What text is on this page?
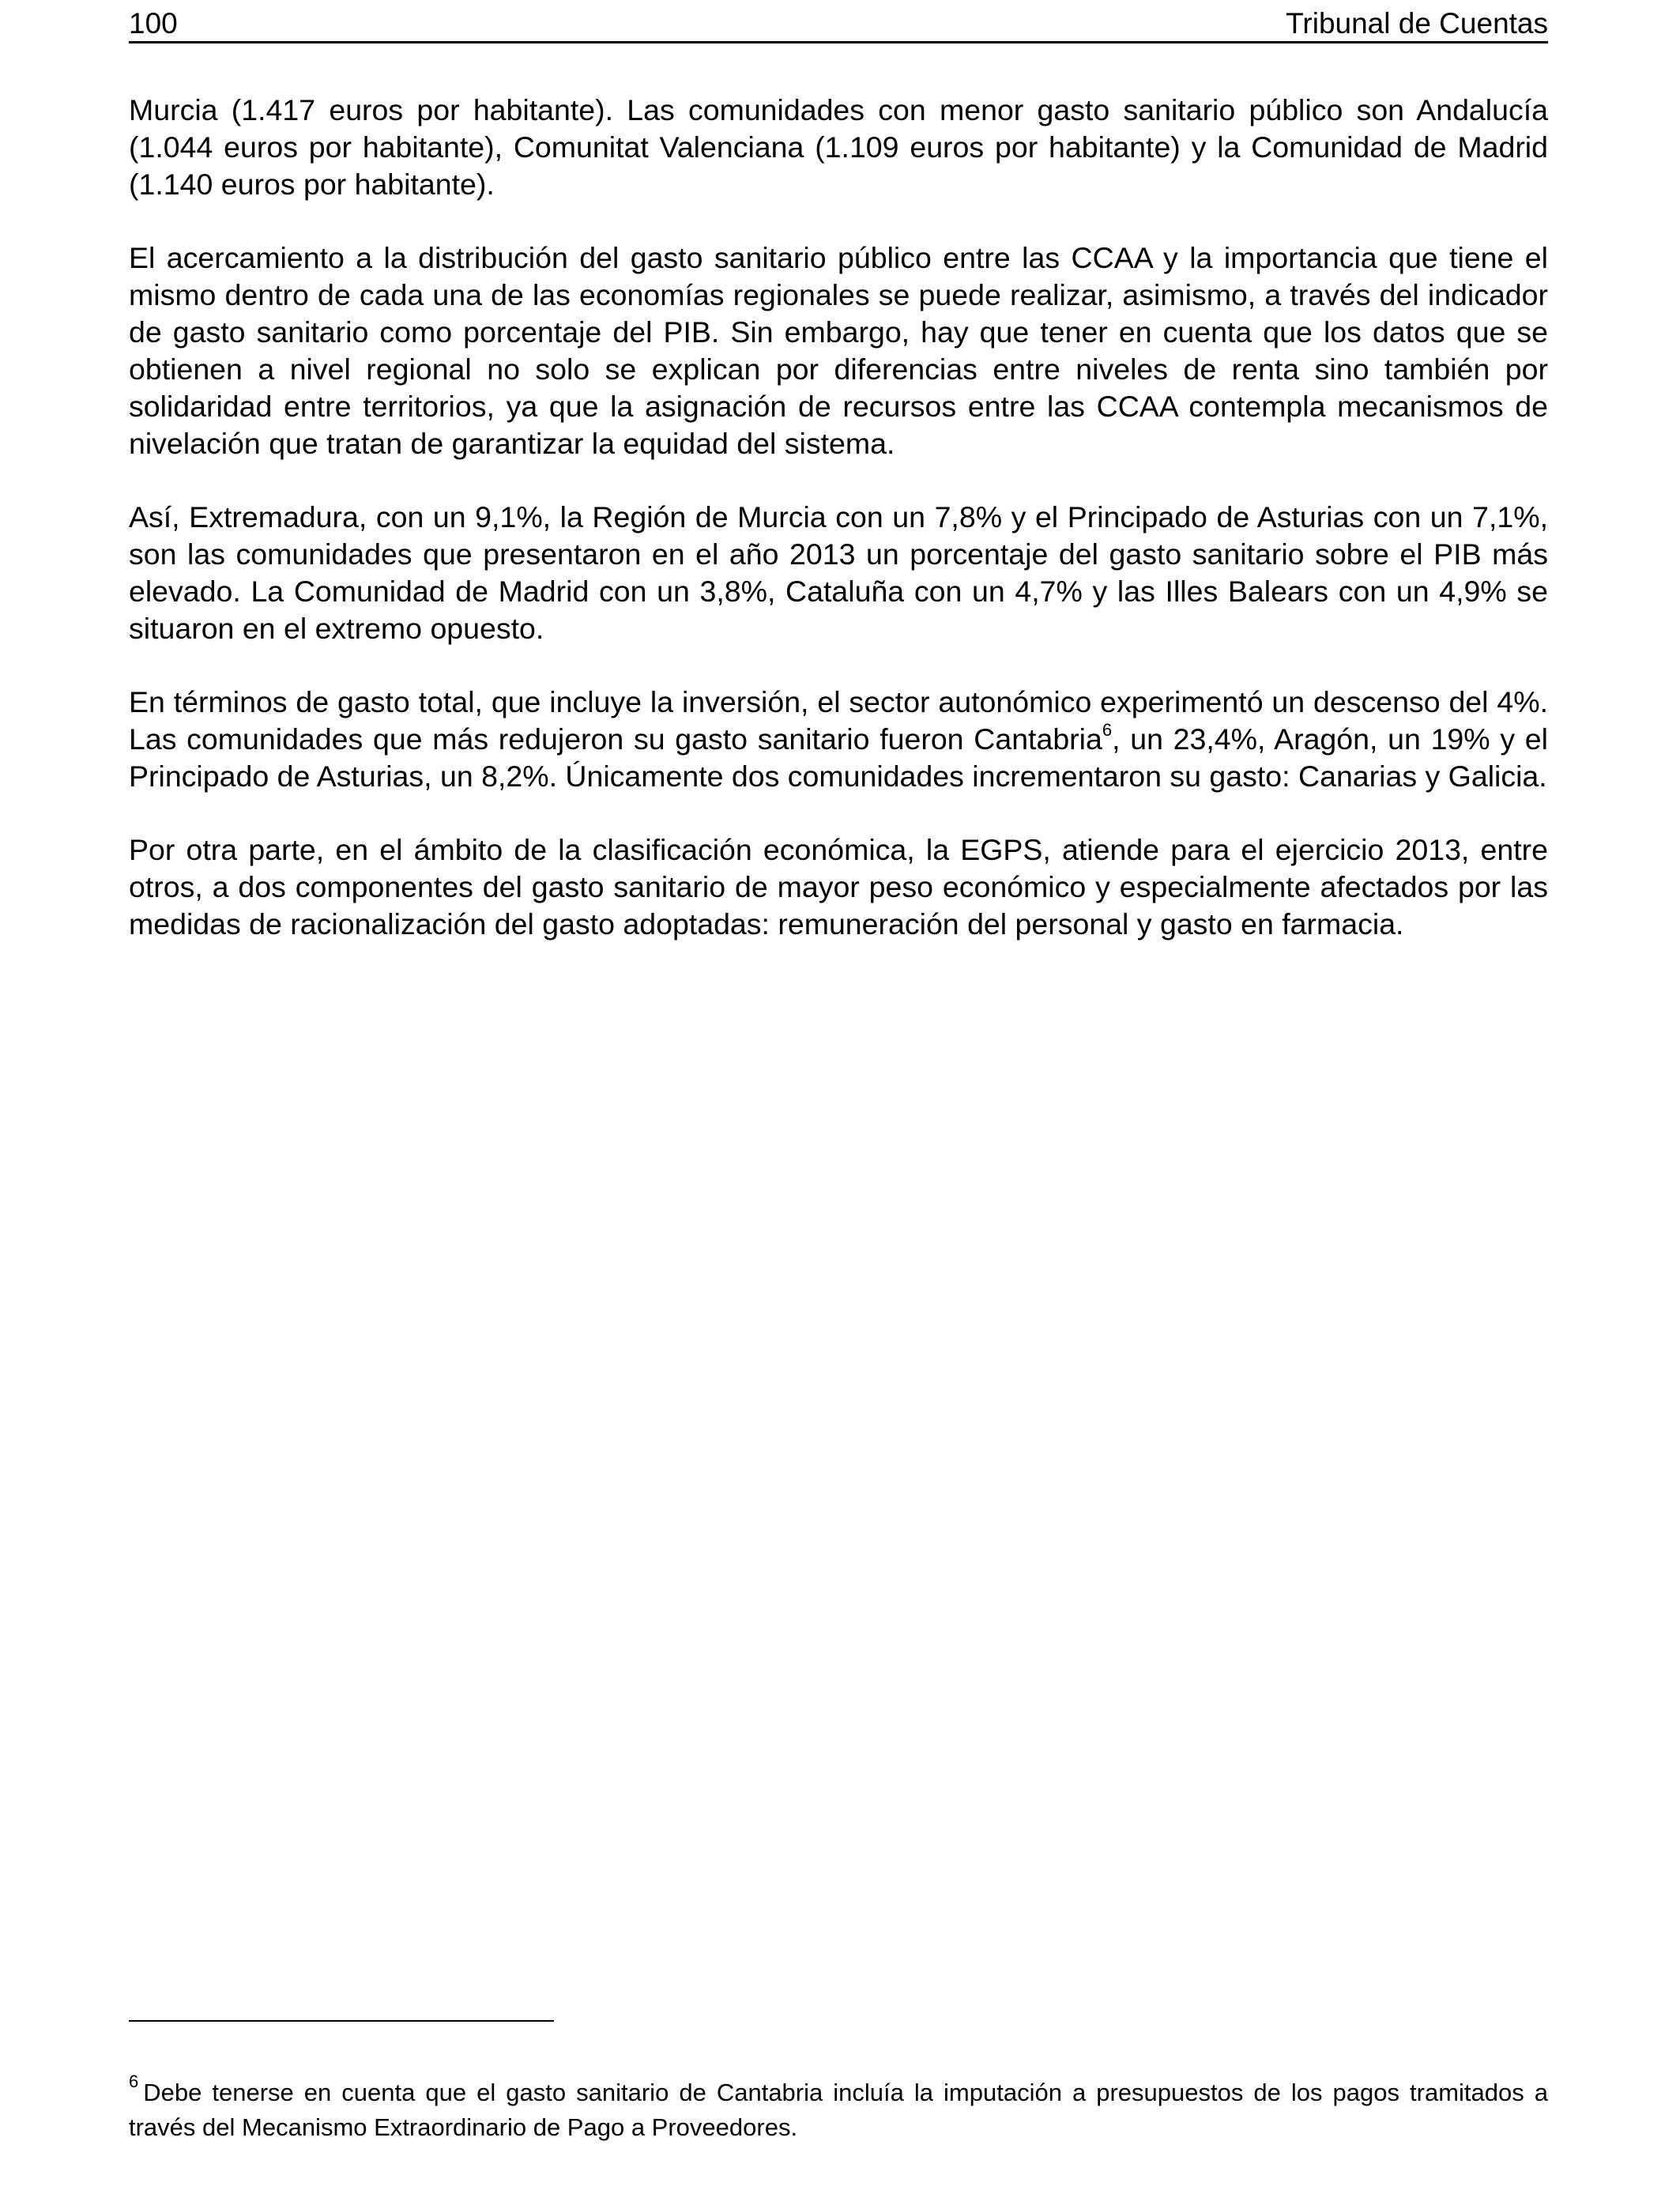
100	Tribunal de Cuentas

Murcia (1.417 euros por habitante). Las comunidades con menor gasto sanitario público son Andalucía (1.044 euros por habitante), Comunitat Valenciana (1.109 euros por habitante) y la Comunidad de Madrid (1.140 euros por habitante).

El acercamiento a la distribución del gasto sanitario público entre las CCAA y la importancia que tiene el mismo dentro de cada una de las economías regionales se puede realizar, asimismo, a través del indicador de gasto sanitario como porcentaje del PIB. Sin embargo, hay que tener en cuenta que los datos que se obtienen a nivel regional no solo se explican por diferencias entre niveles de renta sino también por solidaridad entre territorios, ya que la asignación de recursos entre las CCAA contempla mecanismos de nivelación que tratan de garantizar la equidad del sistema.

Así, Extremadura, con un 9,1%, la Región de Murcia con un 7,8% y el Principado de Asturias con un 7,1%, son las comunidades que presentaron en el año 2013 un porcentaje del gasto sanitario sobre el PIB más elevado. La Comunidad de Madrid con un 3,8%, Cataluña con un 4,7% y las Illes Balears con un 4,9% se situaron en el extremo opuesto.

En términos de gasto total, que incluye la inversión, el sector autonómico experimentó un descenso del 4%. Las comunidades que más redujeron su gasto sanitario fueron Cantabria$^6$, un 23,4%, Aragón, un 19% y el Principado de Asturias, un 8,2%. Únicamente dos comunidades incrementaron su gasto: Canarias y Galicia.

Por otra parte, en el ámbito de la clasificación económica, la EGPS, atiende para el ejercicio 2013, entre otros, a dos componentes del gasto sanitario de mayor peso económico y especialmente afectados por las medidas de racionalización del gasto adoptadas: remuneración del personal y gasto en farmacia.

$^6$ Debe tenerse en cuenta que el gasto sanitario de Cantabria incluía la imputación a presupuestos de los pagos tramitados a través del Mecanismo Extraordinario de Pago a Proveedores.
